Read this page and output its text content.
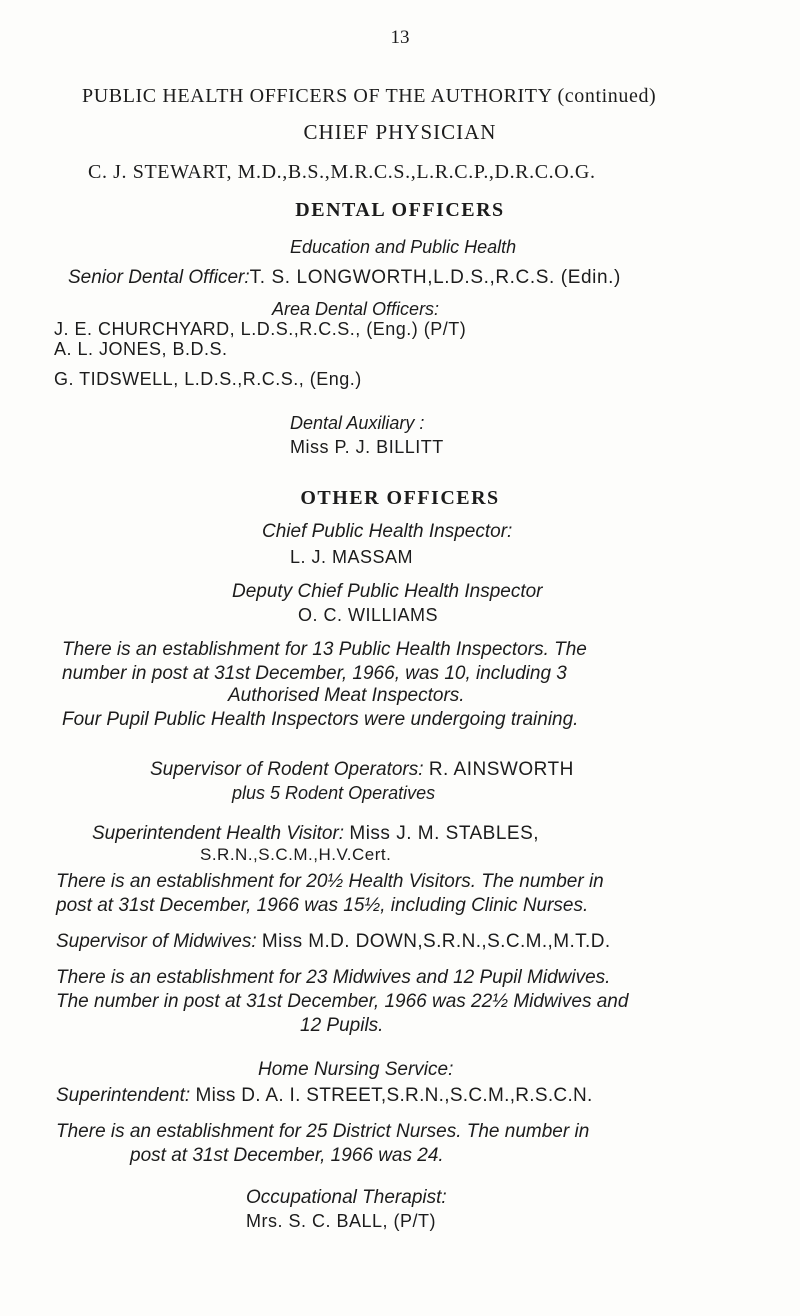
13
PUBLIC HEALTH OFFICERS OF THE AUTHORITY (continued)
CHIEF PHYSICIAN
C. J. STEWART, M.D.,B.S.,M.R.C.S.,L.R.C.P.,D.R.C.O.G.
DENTAL OFFICERS
Education and Public Health
Senior Dental Officer:T. S. LONGWORTH,L.D.S.,R.C.S. (Edin.)
Area Dental Officers:
J. E. CHURCHYARD, L.D.S.,R.C.S., (Eng.) (P/T)
A. L. JONES, B.D.S.
G. TIDSWELL, L.D.S.,R.C.S., (Eng.)
Dental Auxiliary :
Miss P. J. BILLITT
OTHER OFFICERS
Chief Public Health Inspector:
L. J. MASSAM
Deputy Chief Public Health Inspector
O. C. WILLIAMS
There is an establishment for 13 Public Health Inspectors. The
number in post at 31st December, 1966, was 10, including 3
Authorised Meat Inspectors.
Four Pupil Public Health Inspectors were undergoing training.
Supervisor of Rodent Operators: R. AINSWORTH
plus 5 Rodent Operatives
Superintendent Health Visitor: Miss J. M. STABLES,
S.R.N.,S.C.M.,H.V.Cert.
There is an establishment for 20½ Health Visitors. The number in
post at 31st December, 1966 was 15½, including Clinic Nurses.
Supervisor of Midwives: Miss M.D. DOWN,S.R.N.,S.C.M.,M.T.D.
There is an establishment for 23 Midwives and 12 Pupil Midwives.
The number in post at 31st December, 1966 was 22½ Midwives and
12 Pupils.
Home Nursing Service:
Superintendent: Miss D. A. I. STREET,S.R.N.,S.C.M.,R.S.C.N.
There is an establishment for 25 District Nurses. The number in
post at 31st December, 1966 was 24.
Occupational Therapist:
Mrs. S. C. BALL, (P/T)
